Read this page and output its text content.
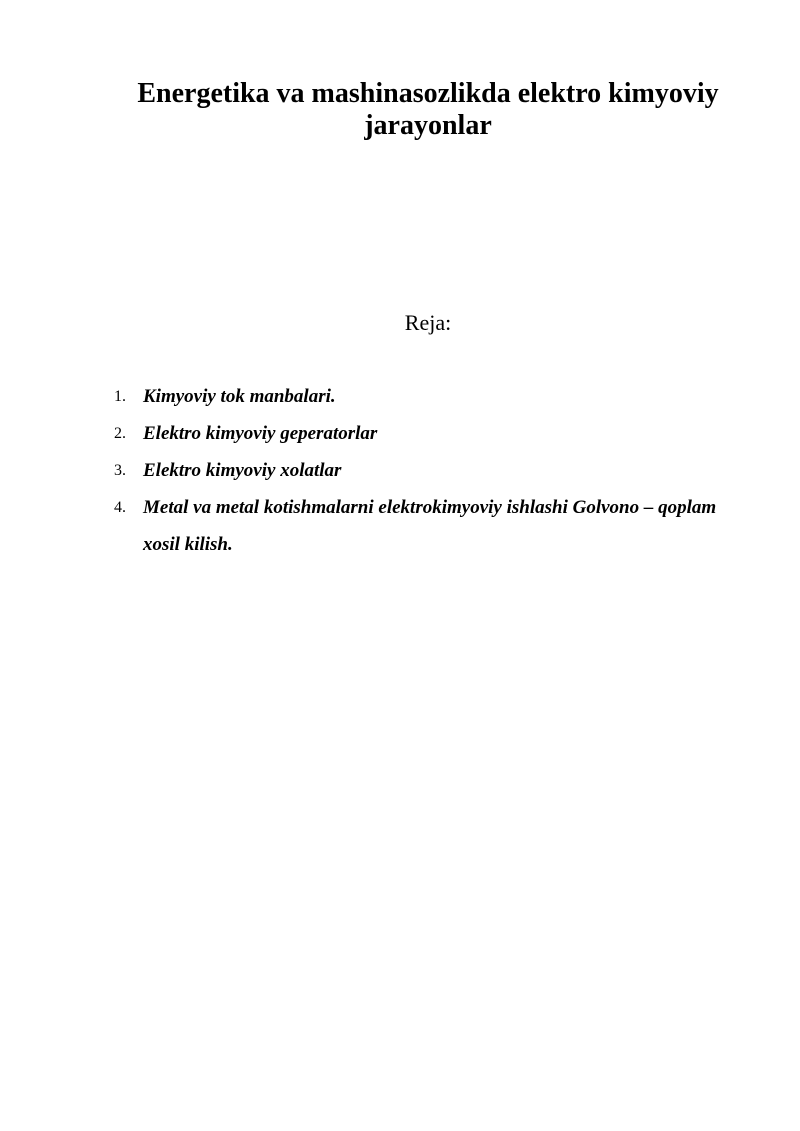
Energetika va mashinasozlikda elektro kimyoviy jarayonlar

Reja:

1. Kimyoviy tok manbalari.
2. Elektro kimyoviy geperatorlar
3. Elektro kimyoviy xolatlar
4. Metal va metal kotishmalarni elektrokimyoviy ishlashi Golvono – qoplam xosil kilish.
